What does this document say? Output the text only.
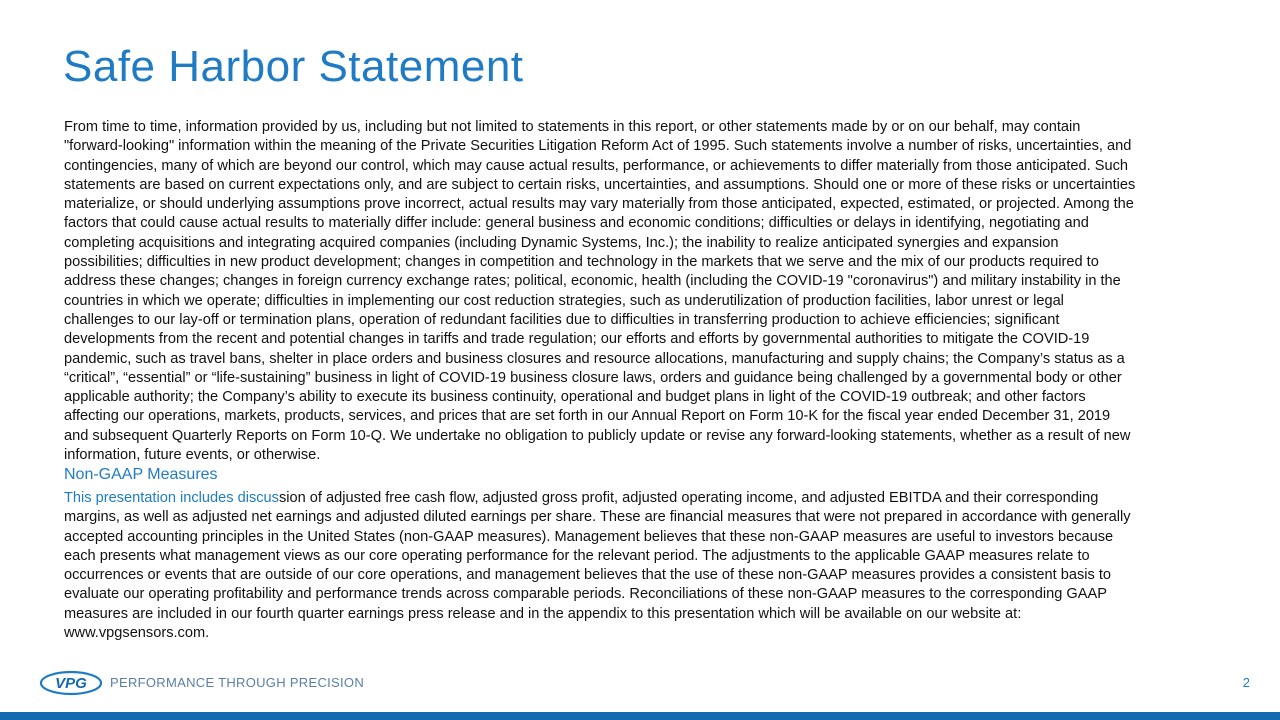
Safe Harbor Statement
From time to time, information provided by us, including but not limited to statements in this report, or other statements made by or on our behalf, may contain
"forward-looking" information within the meaning of the Private Securities Litigation Reform Act of 1995. Such statements involve a number of risks, uncertainties, and
contingencies, many of which are beyond our control, which may cause actual results, performance, or achievements to differ materially from those anticipated. Such
statements are based on current expectations only, and are subject to certain risks, uncertainties, and assumptions. Should one or more of these risks or uncertainties
materialize, or should underlying assumptions prove incorrect, actual results may vary materially from those anticipated, expected, estimated, or projected. Among the
factors that could cause actual results to materially differ include: general business and economic conditions; difficulties or delays in identifying, negotiating and
completing acquisitions and integrating acquired companies (including Dynamic Systems, Inc.); the inability to realize anticipated synergies and expansion
possibilities; difficulties in new product development; changes in competition and technology in the markets that we serve and the mix of our products required to
address these changes; changes in foreign currency exchange rates; political, economic, health (including the COVID-19 "coronavirus") and military instability in the
countries in which we operate; difficulties in implementing our cost reduction strategies, such as underutilization of production facilities, labor unrest or legal
challenges to our lay-off or termination plans, operation of redundant facilities due to difficulties in transferring production to achieve efficiencies; significant
developments from the recent and potential changes in tariffs and trade regulation; our efforts and efforts by governmental authorities to mitigate the COVID-19
pandemic, such as travel bans, shelter in place orders and business closures and resource allocations, manufacturing and supply chains; the Company’s status as a
“critical”, “essential” or “life-sustaining” business in light of COVID-19 business closure laws, orders and guidance being challenged by a governmental body or other
applicable authority; the Company’s ability to execute its business continuity, operational and budget plans in light of the COVID-19 outbreak; and other factors
affecting our operations, markets, products, services, and prices that are set forth in our Annual Report on Form 10-K for the fiscal year ended December 31, 2019
and subsequent Quarterly Reports on Form 10-Q. We undertake no obligation to publicly update or revise any forward-looking statements, whether as a result of new
information, future events, or otherwise.
Non-GAAP Measures
This presentation includes discussion of adjusted free cash flow, adjusted gross profit, adjusted operating income, and adjusted EBITDA and their corresponding
margins, as well as adjusted net earnings and adjusted diluted earnings per share. These are financial measures that were not prepared in accordance with generally
accepted accounting principles in the United States (non-GAAP measures). Management believes that these non-GAAP measures are useful to investors because
each presents what management views as our core operating performance for the relevant period. The adjustments to the applicable GAAP measures relate to
occurrences or events that are outside of our core operations, and management believes that the use of these non-GAAP measures provides a consistent basis to
evaluate our operating profitability and performance trends across comparable periods. Reconciliations of these non-GAAP measures to the corresponding GAAP
measures are included in our fourth quarter earnings press release and in the appendix to this presentation which will be available on our website at:
www.vpgsensors.com.
VPG PERFORMANCE THROUGH PRECISION	2
